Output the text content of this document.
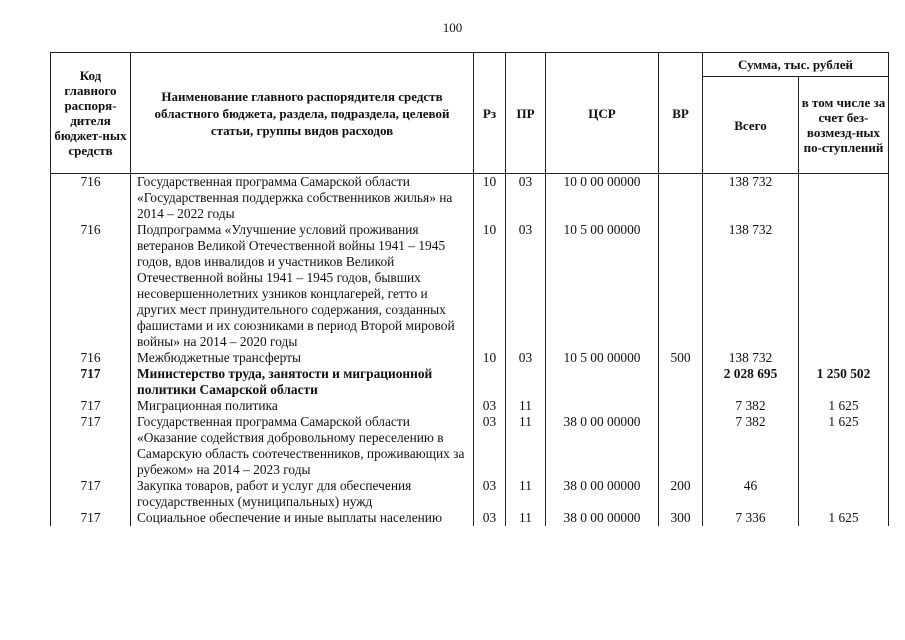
100
Код главного распоря-дителя бюджет-ных средств	Наименование главного распорядителя средств областного бюджета, раздела, подраздела, целевой статьи, группы видов расходов	Рз	ПР	ЦСР	ВР	Сумма, тыс. рублей	
						Всего	в том числе за счет без-возмезд-ных по-ступлений
716	Государственная программа Самарской области «Государственная поддержка собственников жилья» на 2014 – 2022 годы	10	03	10 0 00 00000		138 732	
716	Подпрограмма «Улучшение условий проживания ветеранов Великой Отечественной войны 1941 – 1945 годов, вдов инвалидов и участников Великой Отечественной войны 1941 – 1945 годов, бывших несовершеннолетних узников концлагерей, гетто и других мест принудительного содержания, созданных фашистами и их союзниками в период Второй мировой войны» на 2014 – 2020 годы	10	03	10 5 00 00000		138 732	
716	Межбюджетные трансферты	10	03	10 5 00 00000	500	138 732	
717	Министерство труда, занятости и миграционной политики Самарской области					2 028 695	1 250 502
717	Миграционная политика	03	11			7 382	1 625
717	Государственная программа Самарской области «Оказание содействия добровольному переселению в Самарскую область соотечественников, проживающих за рубежом» на 2014 – 2023 годы	03	11	38 0 00 00000		7 382	1 625
717	Закупка товаров, работ и услуг для обеспечения государственных (муниципальных) нужд	03	11	38 0 00 00000	200	46	
717	Социальное обеспечение и иные выплаты населению	03	11	38 0 00 00000	300	7 336	1 625
